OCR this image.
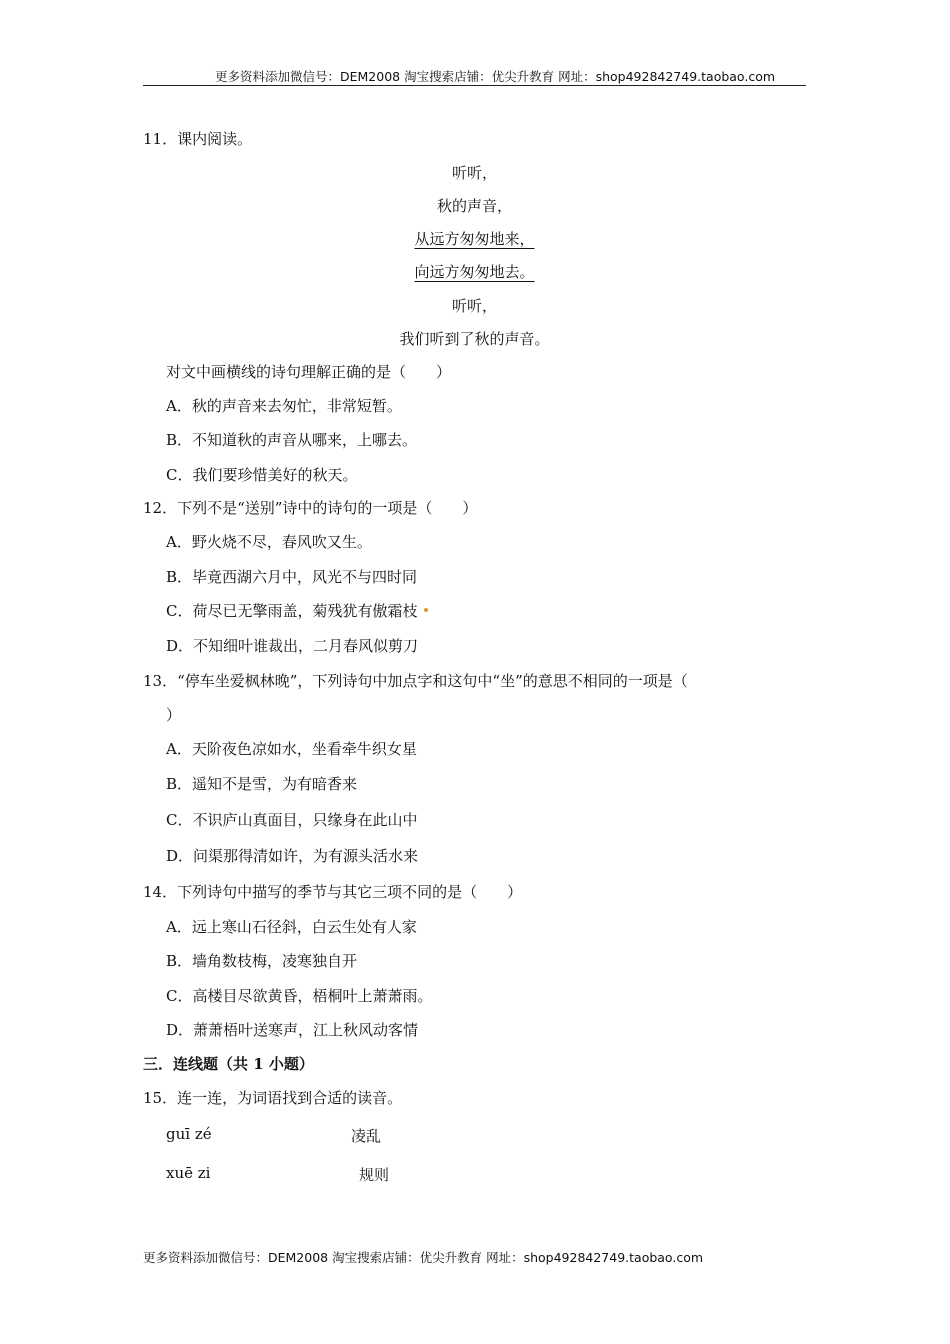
更多资料添加微信号：DEM2008 淘宝搜索店铺：优尖升教育 网址：shop492842749.taobao.com
11．课内阅读。
听听，
秋的声音，
从远方匆匆地来，
向远方匆匆地去。
听听，
我们听到了秋的声音。
对文中画横线的诗句理解正确的是（　　）
A．秋的声音来去匆忙，非常短暂。
B．不知道秋的声音从哪来，上哪去。
C．我们要珍惜美好的秋天。
12．下列不是“送别”诗中的诗句的一项是（　　）
A．野火烧不尽，春风吹又生。
B．毕竟西湖六月中，风光不与四时同
C．荷尽已无擎雨盖，菊残犹有傲霜枝
D．不知细叶谁裁出，二月春风似剪刀
13．“停车坐爱枫林晚”，下列诗句中加点字和这句中“坐”的意思不相同的一项是（
）
A．天阶夜色凉如水，坐看牵牛织女星
B．遥知不是雪，为有暗香来
C．不识庐山真面目，只缘身在此山中
D．问渠那得清如许，为有源头活水来
14．下列诗句中描写的季节与其它三项不同的是（　　）
A．远上寒山石径斜，白云生处有人家
B．墙角数枝梅，凌寒独自开
C．高楼目尽欲黄昏，梧桐叶上萧萧雨。
D．萧萧梧叶送寒声，江上秋风动客情
三．连线题（共 1 小题）
15．连一连，为词语找到合适的读音。
guī zé	凌乱
xuē zi	规则
更多资料添加微信号：DEM2008 淘宝搜索店铺：优尖升教育 网址：shop492842749.taobao.com
